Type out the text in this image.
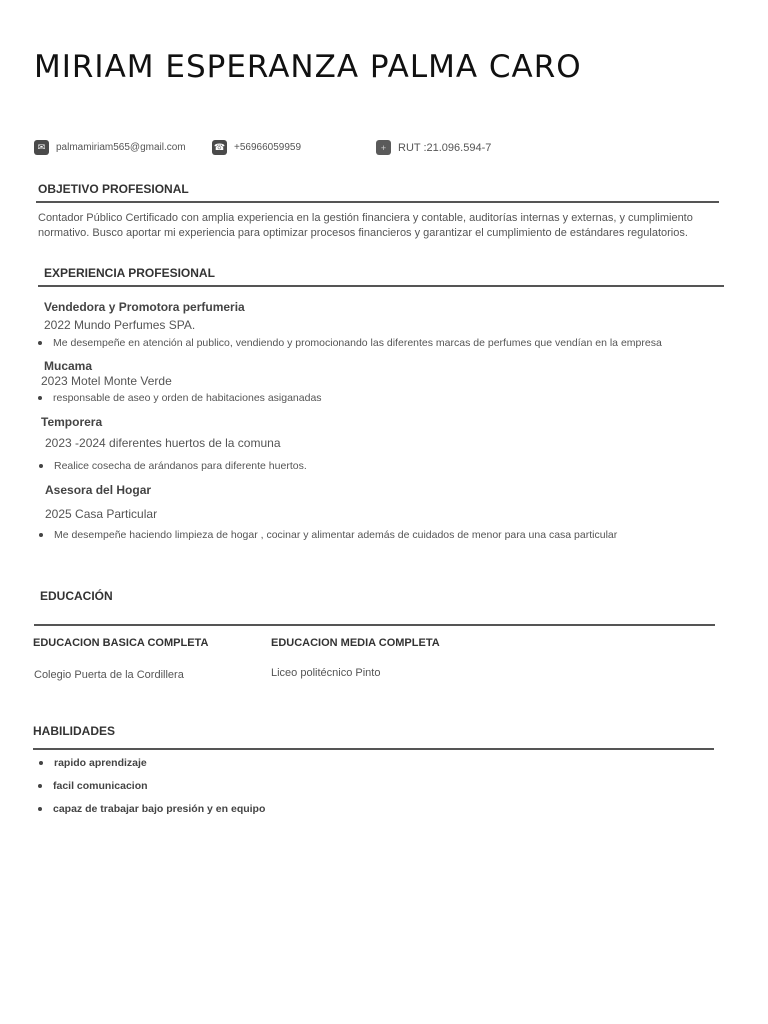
MIRIAM ESPERANZA PALMA CARO
✉	palmamiriam565@gmail.com	☎ +56966059959	+	RUT :21.096.594-7
OBJETIVO PROFESIONAL
Contador Público Certificado con amplia experiencia en la gestión financiera y contable, auditorías internas y externas, y cumplimiento normativo. Busco aportar mi experiencia para optimizar procesos financieros y garantizar el cumplimiento de estándares regulatorios.
EXPERIENCIA PROFESIONAL
Vendedora y Promotora perfumeria
2022 Mundo Perfumes SPA.
Me desempeñe en atención al publico, vendiendo y promocionando las diferentes marcas de perfumes que vendían en la empresa
Mucama
2023 Motel Monte Verde
responsable de aseo y orden de habitaciones asiganadas
Temporera
2023 -2024 diferentes huertos de la comuna
Realice cosecha de arándanos para diferente huertos.
Asesora del Hogar
2025 Casa Particular
Me desempeñe haciendo limpieza de hogar , cocinar y alimentar además de cuidados de menor para una casa particular
EDUCACIÓN
EDUCACION BASICA COMPLETA
Colegio Puerta de la Cordillera
EDUCACION MEDIA COMPLETA
Liceo politécnico Pinto
HABILIDADES
rapido aprendizaje
facil comunicacion
capaz de trabajar bajo presión y en equipo
